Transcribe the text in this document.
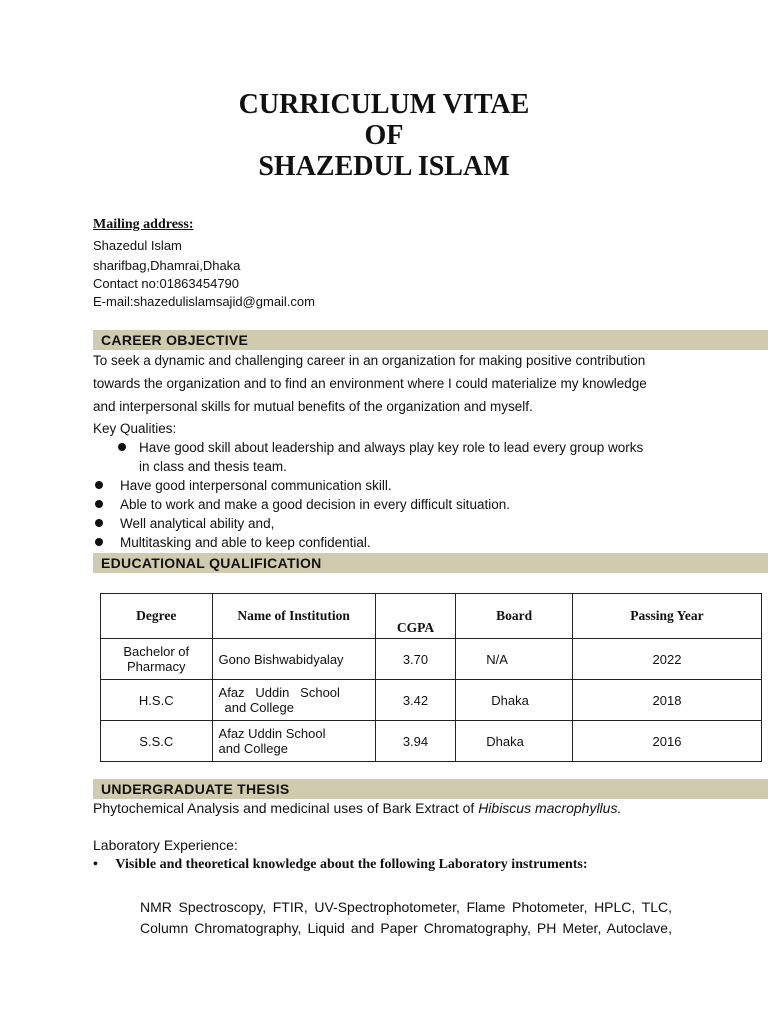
CURRICULUM VITAE
OF
SHAZEDUL ISLAM
Mailing address:
Shazedul Islam
sharifbag,Dhamrai,Dhaka
Contact no:01863454790
E-mail:shazedulislamsajid@gmail.com
CAREER OBJECTIVE
To seek a dynamic and challenging career in an organization for making positive contribution
towards the organization and to find an environment where I could materialize my knowledge
and interpersonal skills for mutual benefits of the organization and myself.
Key Qualities:
Have good skill about leadership and always play key role to lead every group works
in class and thesis team.
Have good interpersonal communication skill.
Able to work and make a good decision in every difficult situation.
Well analytical ability and,
Multitasking and able to keep confidential.
EDUCATIONAL QUALIFICATION
Degree	Name of Institution	CGPA	Board	Passing Year

Bachelor of
Pharmacy	Gono Bishwabidyalay	3.70	N/A	2022
H.S.C	Afaz   Uddin   School
and College	3.42	Dhaka	2018
S.S.C	Afaz Uddin School
and College	3.94	Dhaka	2016
UNDERGRADUATE THESIS
Phytochemical Analysis and medicinal uses of Bark Extract of Hibiscus macrophyllus.
Laboratory Experience:
• Visible and theoretical knowledge about the following Laboratory instruments:
NMR Spectroscopy, FTIR, UV-Spectrophotometer, Flame Photometer, HPLC, TLC,
Column Chromatography, Liquid and Paper Chromatography, PH Meter, Autoclave,
